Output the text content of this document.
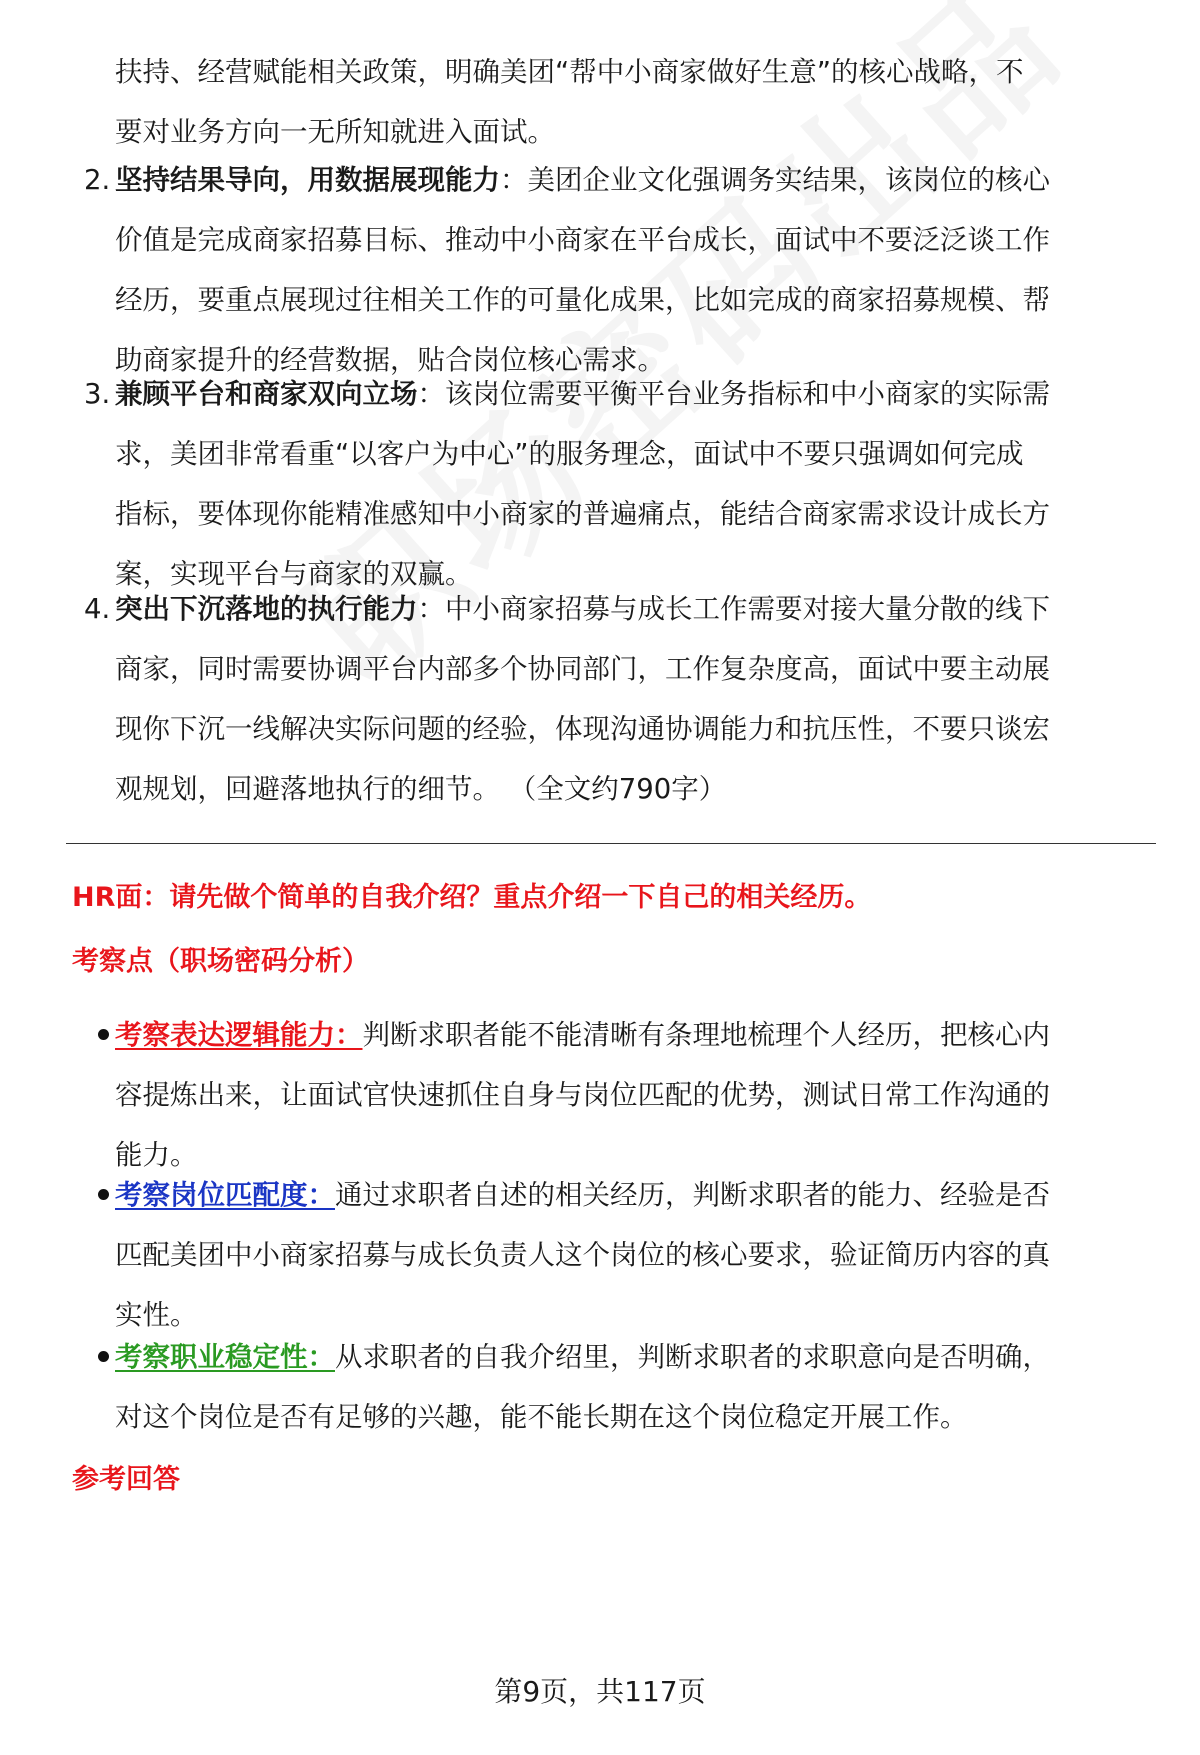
扶持、经营赋能相关政策，明确美团“帮中小商家做好生意”的核心战略，不
要对业务方向一无所知就进入面试。
2. 坚持结果导向，用数据展现能力：美团企业文化强调务实结果，该岗位的核心
价值是完成商家招募目标、推动中小商家在平台成长，面试中不要泛泛谈工作
经历，要重点展现过往相关工作的可量化成果，比如完成的商家招募规模、帮
助商家提升的经营数据，贴合岗位核心需求。
3. 兼顾平台和商家双向立场：该岗位需要平衡平台业务指标和中小商家的实际需
求，美团非常看重“以客户为中心”的服务理念，面试中不要只强调如何完成
指标，要体现你能精准感知中小商家的普遍痛点，能结合商家需求设计成长方
案，实现平台与商家的双赢。
4. 突出下沉落地的执行能力：中小商家招募与成长工作需要对接大量分散的线下
商家，同时需要协调平台内部多个协同部门，工作复杂度高，面试中要主动展
现你下沉一线解决实际问题的经验，体现沟通协调能力和抗压性，不要只谈宏
观规划，回避落地执行的细节。 （全文约790字）
HR面：请先做个简单的自我介绍？重点介绍一下自己的相关经历。
考察点（职场密码分析）
考察表达逻辑能力：判断求职者能不能清晰有条理地梳理个人经历，把核心内
容提炼出来，让面试官快速抓住自身与岗位匹配的优势，测试日常工作沟通的
能力。
考察岗位匹配度：通过求职者自述的相关经历，判断求职者的能力、经验是否
匹配美团中小商家招募与成长负责人这个岗位的核心要求，验证简历内容的真
实性。
考察职业稳定性：从求职者的自我介绍里，判断求职者的求职意向是否明确，
对这个岗位是否有足够的兴趣，能不能长期在这个岗位稳定开展工作。
参考回答
第9页，共117页
